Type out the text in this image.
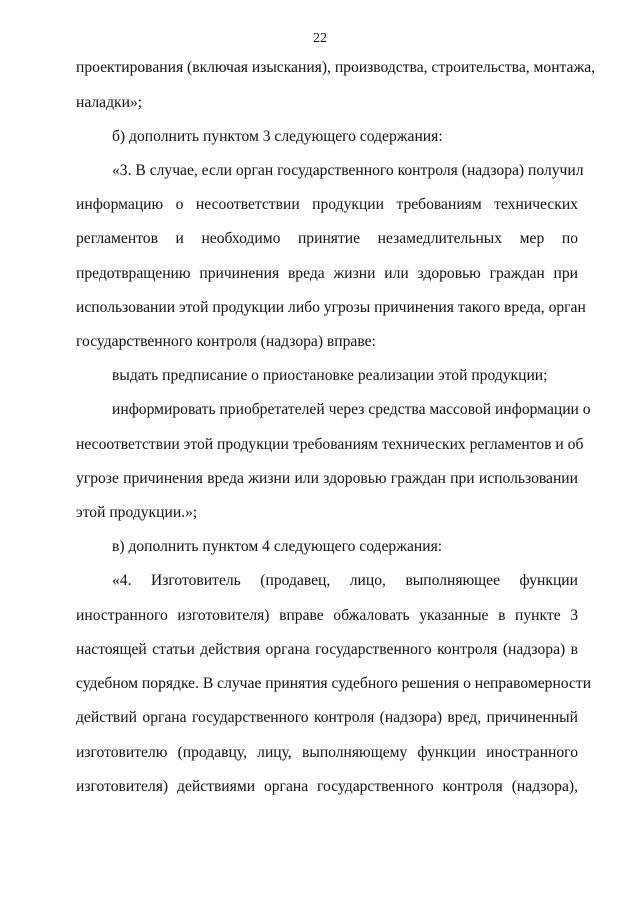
22
проектирования (включая изыскания), производства, строительства, монтажа,
наладки»;
б) дополнить пунктом 3 следующего содержания:
«3. В случае, если орган государственного контроля (надзора) получил
информацию о несоответствии продукции требованиям технических
регламентов и необходимо принятие незамедлительных мер по
предотвращению причинения вреда жизни или здоровью граждан при
использовании этой продукции либо угрозы причинения такого вреда, орган
государственного контроля (надзора) вправе:
выдать предписание о приостановке реализации этой продукции;
информировать приобретателей через средства массовой информации о
несоответствии этой продукции требованиям технических регламентов и об
угрозе причинения вреда жизни или здоровью граждан при использовании
этой продукции.»;
в) дополнить пунктом 4 следующего содержания:
«4. Изготовитель (продавец, лицо, выполняющее функции
иностранного изготовителя) вправе обжаловать указанные в пункте 3
настоящей статьи действия органа государственного контроля (надзора) в
судебном порядке. В случае принятия судебного решения о неправомерности
действий органа государственного контроля (надзора) вред, причиненный
изготовителю (продавцу, лицу, выполняющему функции иностранного
изготовителя) действиями органа государственного контроля (надзора),
